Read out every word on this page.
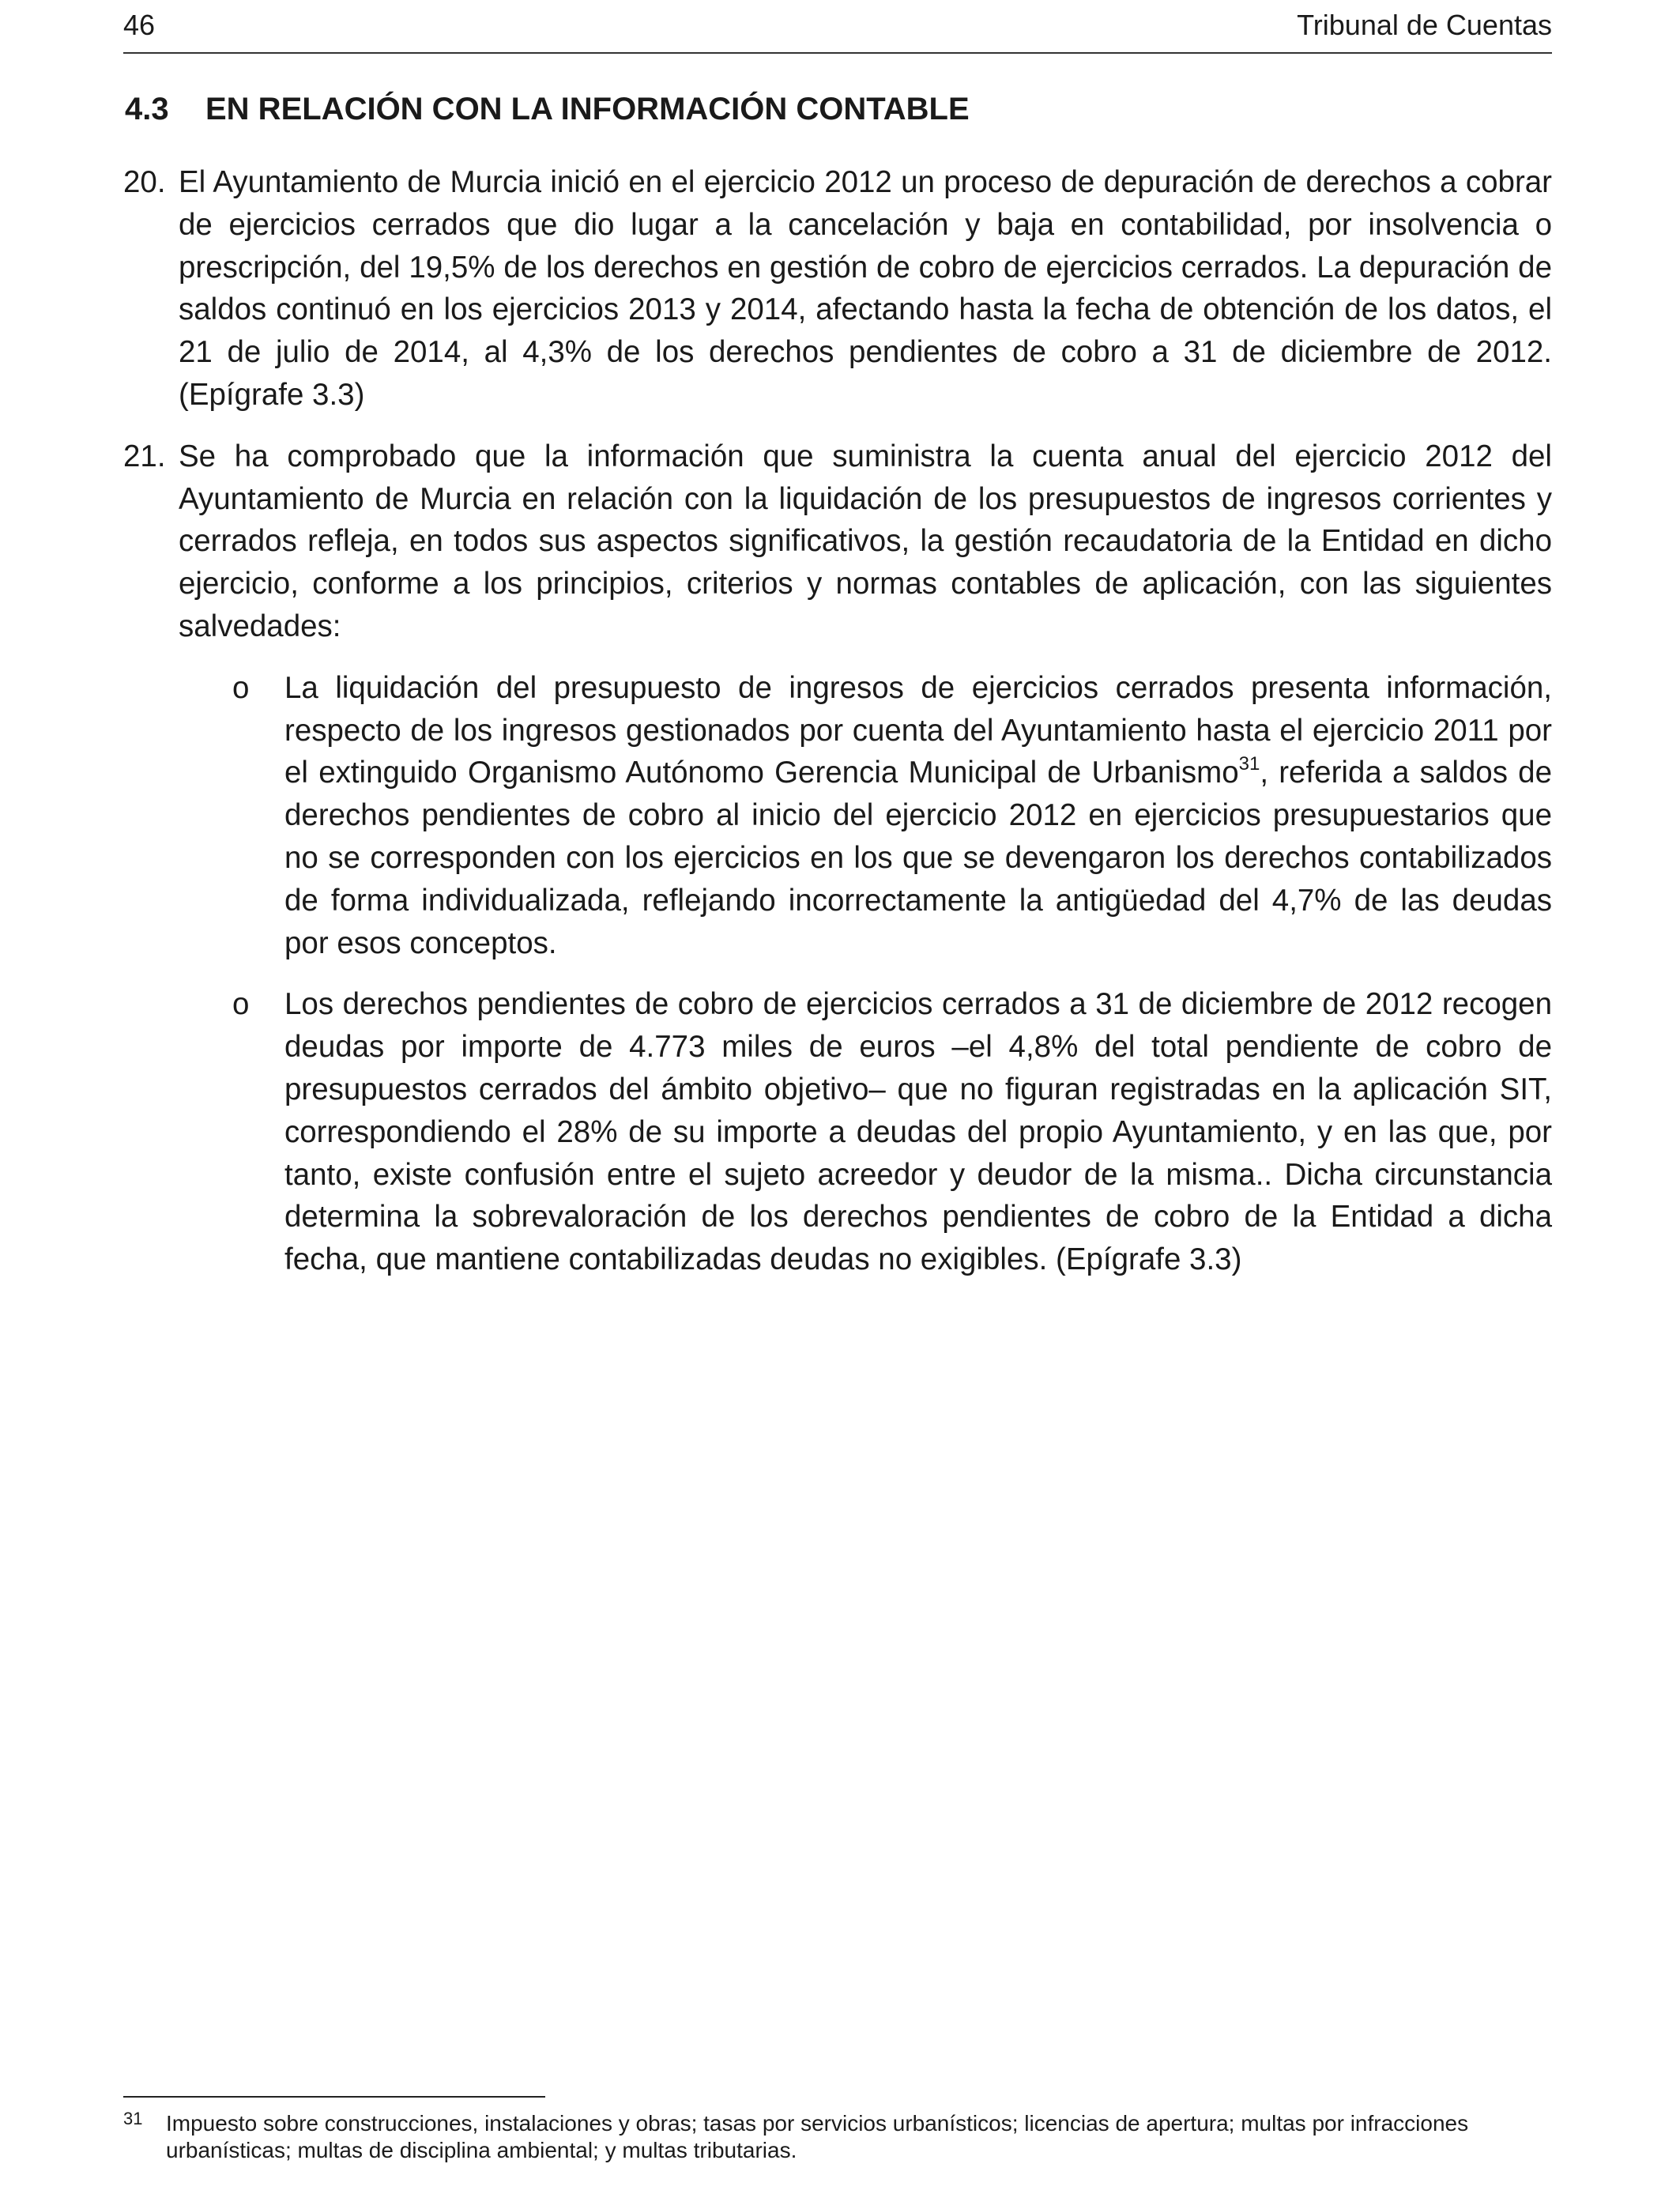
46	Tribunal de Cuentas
4.3 EN RELACIÓN CON LA INFORMACIÓN CONTABLE
20. El Ayuntamiento de Murcia inició en el ejercicio 2012 un proceso de depuración de derechos a cobrar de ejercicios cerrados que dio lugar a la cancelación y baja en contabilidad, por insolvencia o prescripción, del 19,5% de los derechos en gestión de cobro de ejercicios cerrados. La depuración de saldos continuó en los ejercicios 2013 y 2014, afectando hasta la fecha de obtención de los datos, el 21 de julio de 2014, al 4,3% de los derechos pendientes de cobro a 31 de diciembre de 2012. (Epígrafe 3.3)
21. Se ha comprobado que la información que suministra la cuenta anual del ejercicio 2012 del Ayuntamiento de Murcia en relación con la liquidación de los presupuestos de ingresos corrientes y cerrados refleja, en todos sus aspectos significativos, la gestión recaudatoria de la Entidad en dicho ejercicio, conforme a los principios, criterios y normas contables de aplicación, con las siguientes salvedades:
o La liquidación del presupuesto de ingresos de ejercicios cerrados presenta información, respecto de los ingresos gestionados por cuenta del Ayuntamiento hasta el ejercicio 2011 por el extinguido Organismo Autónomo Gerencia Municipal de Urbanismo$^{31}$, referida a saldos de derechos pendientes de cobro al inicio del ejercicio 2012 en ejercicios presupuestarios que no se corresponden con los ejercicios en los que se devengaron los derechos contabilizados de forma individualizada, reflejando incorrectamente la antigüedad del 4,7% de las deudas por esos conceptos.
o Los derechos pendientes de cobro de ejercicios cerrados a 31 de diciembre de 2012 recogen deudas por importe de 4.773 miles de euros –el 4,8% del total pendiente de cobro de presupuestos cerrados del ámbito objetivo– que no figuran registradas en la aplicación SIT, correspondiendo el 28% de su importe a deudas del propio Ayuntamiento, y en las que, por tanto, existe confusión entre el sujeto acreedor y deudor de la misma.. Dicha circunstancia determina la sobrevaloración de los derechos pendientes de cobro de la Entidad a dicha fecha, que mantiene contabilizadas deudas no exigibles. (Epígrafe 3.3)
31	Impuesto sobre construcciones, instalaciones y obras; tasas por servicios urbanísticos; licencias de apertura; multas por infracciones urbanísticas; multas de disciplina ambiental; y multas tributarias.
